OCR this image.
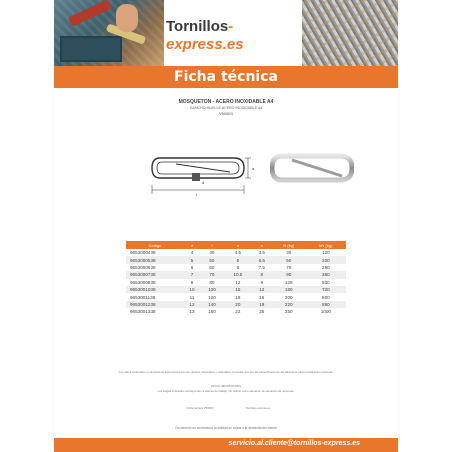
Tornillos-express.es
Ficha técnica
MOSQUETON - ACERO INOXIDABLE A4
GANCHO MUELLE ACERO INOXIDABLE A4
V50653
l
a
d
Código	d	l	a	a	N (kg)	kN (kg)
9653000438	4	40	4.5	3.5	30	120
9653000538	5	50	5	6.5	50	200
9653000638	6	60	6	7.5	70	280
9653000738	7	70	10.5	8	90	360
9653000838	8	80	12	9	125	500
9653001038	10	100	15	12	180	720
9653001138	11	120	18	16	200	800
9653001238	12	140	20	19	220	880
9653001338	13	160	22	25	250	1000
Los datos contenidos en la presente ficha técnica son de carácter informativo y orientativo. Consulte siempre las especificaciones del fabricante para su aplicación concreta.
DATOS IMPORTANTES
Las cargas indicadas corresponden a valores de trabajo. No utilizar como elemento de elevación de personas.
Ficha técnica V50653	Tornillos-express.es
Documento no contractual, la calidad se sujeta a la demanda del cliente
servicio.al.cliente@tornillos-express.es
